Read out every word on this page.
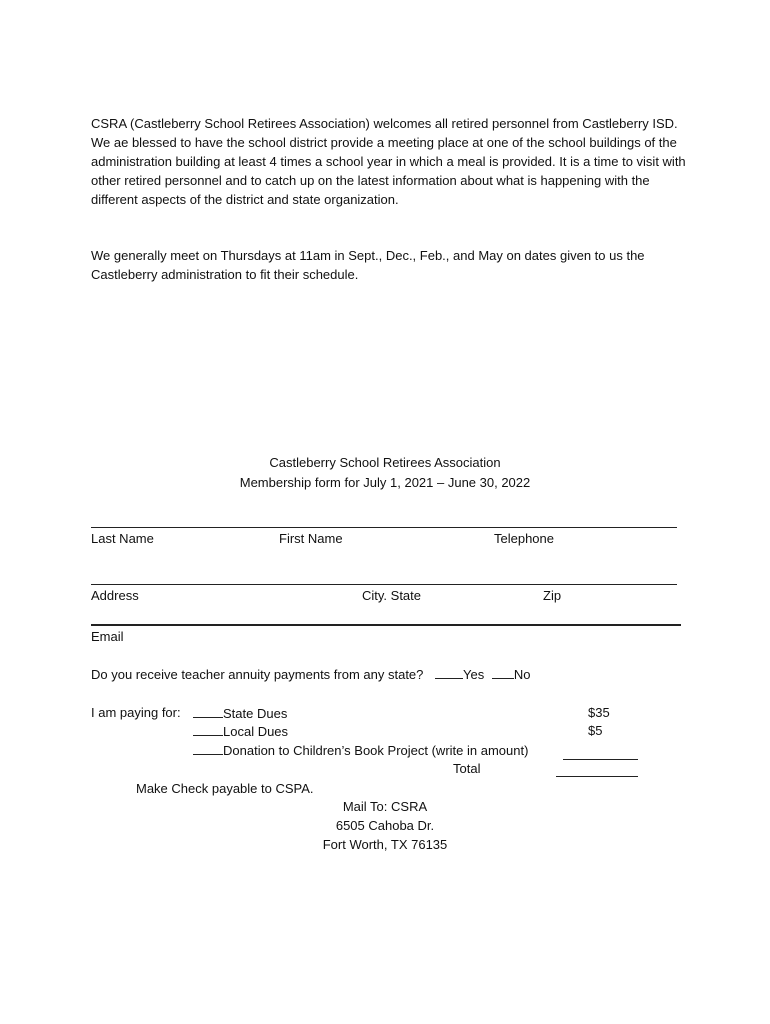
CSRA (Castleberry School Retirees Association) welcomes all retired personnel from Castleberry ISD. We ae blessed to have the school district provide a meeting place at one of the school buildings of the administration building at least 4 times a school year in which a meal is provided. It is a time to visit with other retired personnel and to catch up on the latest information about what is happening with the different aspects of the district and state organization.
We generally meet on Thursdays at 11am in Sept., Dec., Feb., and May on dates given to us the Castleberry administration to fit their schedule.
Castleberry School Retirees Association
Membership form for July 1, 2021 – June 30, 2022
Last Name	First Name	Telephone
Address	City. State	Zip
Email
Do you receive teacher annuity payments from any state?	Yes No
I am paying for:	State Dues	$35
Local Dues	$5
Donation to Children’s Book Project (write in amount)
Total
Make Check payable to CSPA.
Mail To: CSRA
6505 Cahoba Dr.
Fort Worth, TX 76135
